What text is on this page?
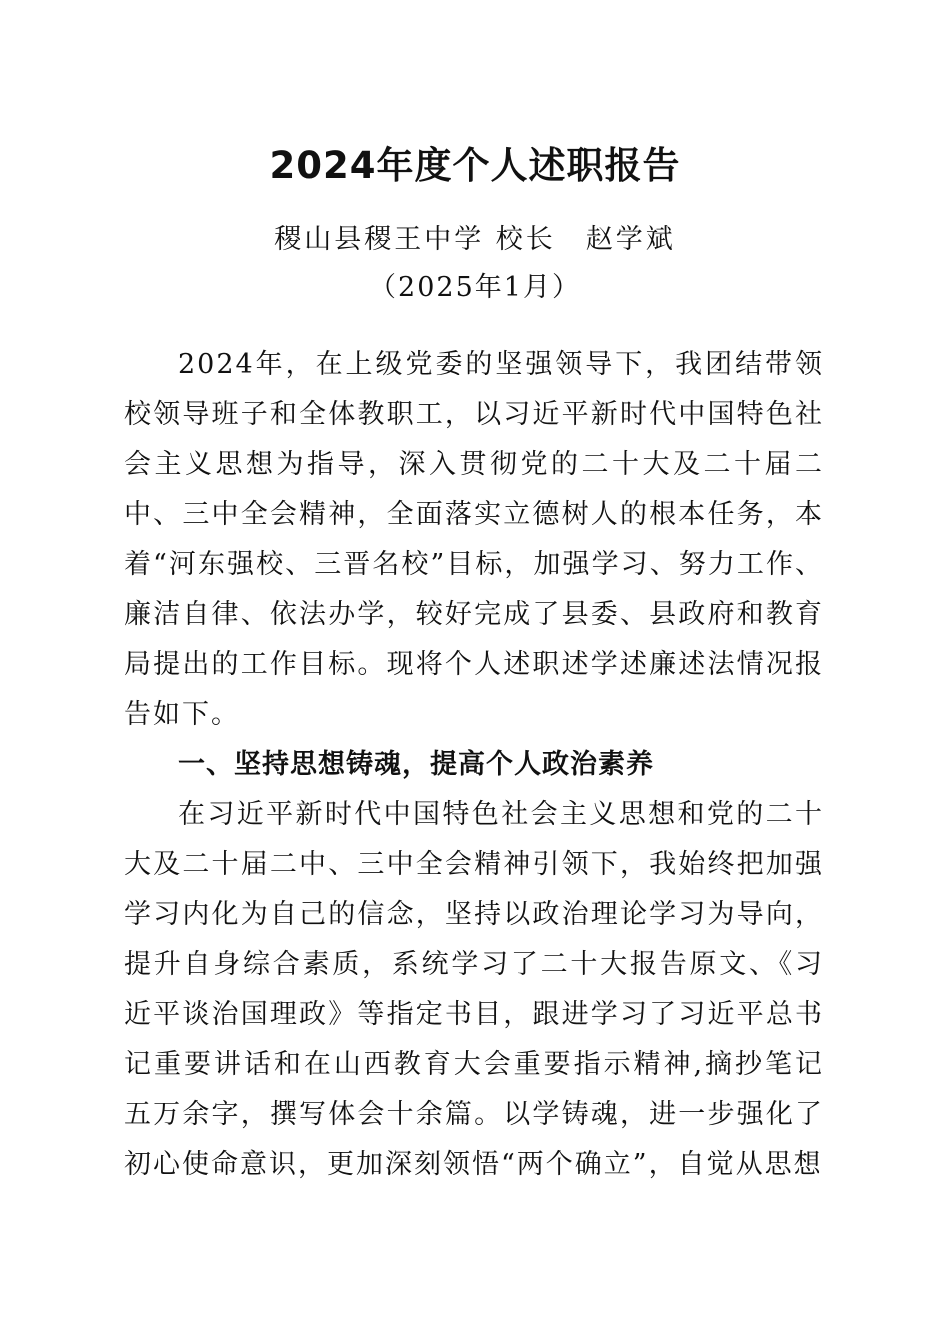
2024年度个人述职报告
稷山县稷王中学 校长　赵学斌
（2025年1月）

2024年，在上级党委的坚强领导下，我团结带领校领导班子和全体教职工，以习近平新时代中国特色社会主义思想为指导，深入贯彻党的二十大及二十届二中、三中全会精神，全面落实立德树人的根本任务，本着“河东强校、三晋名校”目标，加强学习、努力工作、廉洁自律、依法办学，较好完成了县委、县政府和教育局提出的工作目标。现将个人述职述学述廉述法情况报告如下。

一、坚持思想铸魂，提高个人政治素养

在习近平新时代中国特色社会主义思想和党的二十大及二十届二中、三中全会精神引领下，我始终把加强学习内化为自己的信念，坚持以政治理论学习为导向，提升自身综合素质，系统学习了二十大报告原文、《习近平谈治国理政》等指定书目，跟进学习了习近平总书记重要讲话和在山西教育大会重要指示精神,摘抄笔记五万余字，撰写体会十余篇。以学铸魂，进一步强化了初心使命意识，更加深刻领悟“两个确立”，自觉从思想
